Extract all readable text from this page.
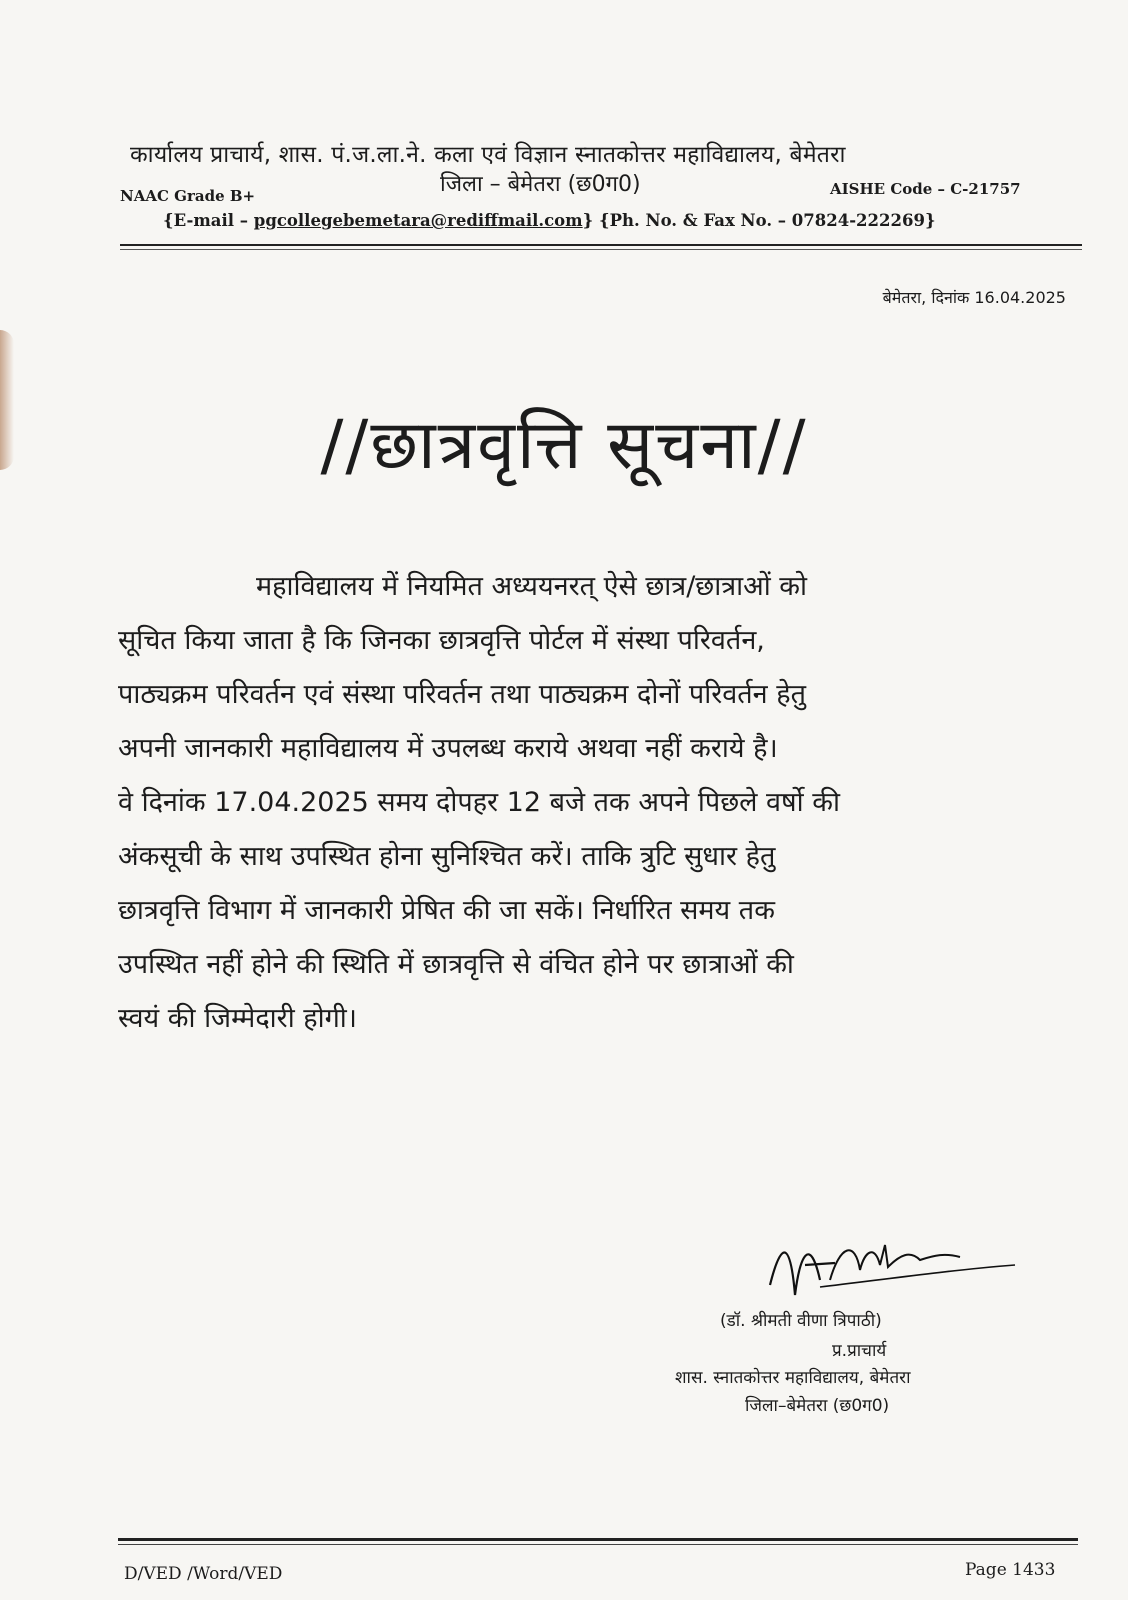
कार्यालय प्राचार्य, शास. पं.ज.ला.ने. कला एवं विज्ञान स्नातकोत्तर महाविद्यालय, बेमेतरा
जिला – बेमेतरा (छ0ग0)
NAAC Grade B+	AISHE Code – C-21757
{E-mail – pgcollegebemetara@rediffmail.com} {Ph. No. & Fax No. – 07824-222269}
बेमेतरा, दिनांक 16.04.2025
//छात्रवृत्ति सूचना//
महाविद्यालय में नियमित अध्ययनरत् ऐसे छात्र/छात्राओं को
सूचित किया जाता है कि जिनका छात्रवृत्ति पोर्टल में संस्था परिवर्तन,
पाठ्यक्रम परिवर्तन एवं संस्था परिवर्तन तथा पाठ्यक्रम दोनों परिवर्तन हेतु
अपनी जानकारी महाविद्यालय में उपलब्ध कराये अथवा नहीं कराये है।
वे दिनांक 17.04.2025 समय दोपहर 12 बजे तक अपने पिछले वर्षो की
अंकसूची के साथ उपस्थित होना सुनिश्चित करें। ताकि त्रुटि सुधार हेतु
छात्रवृत्ति विभाग में जानकारी प्रेषित की जा सकें। निर्धारित समय तक
उपस्थित नहीं होने की स्थिति में छात्रवृत्ति से वंचित होने पर छात्राओं की
स्वयं की जिम्मेदारी होगी।
(डॉ. श्रीमती वीणा त्रिपाठी)
प्र.प्राचार्य
शास. स्नातकोत्तर महाविद्यालय, बेमेतरा
जिला–बेमेतरा (छ0ग0)
D/VED /Word/VED	Page 1433
